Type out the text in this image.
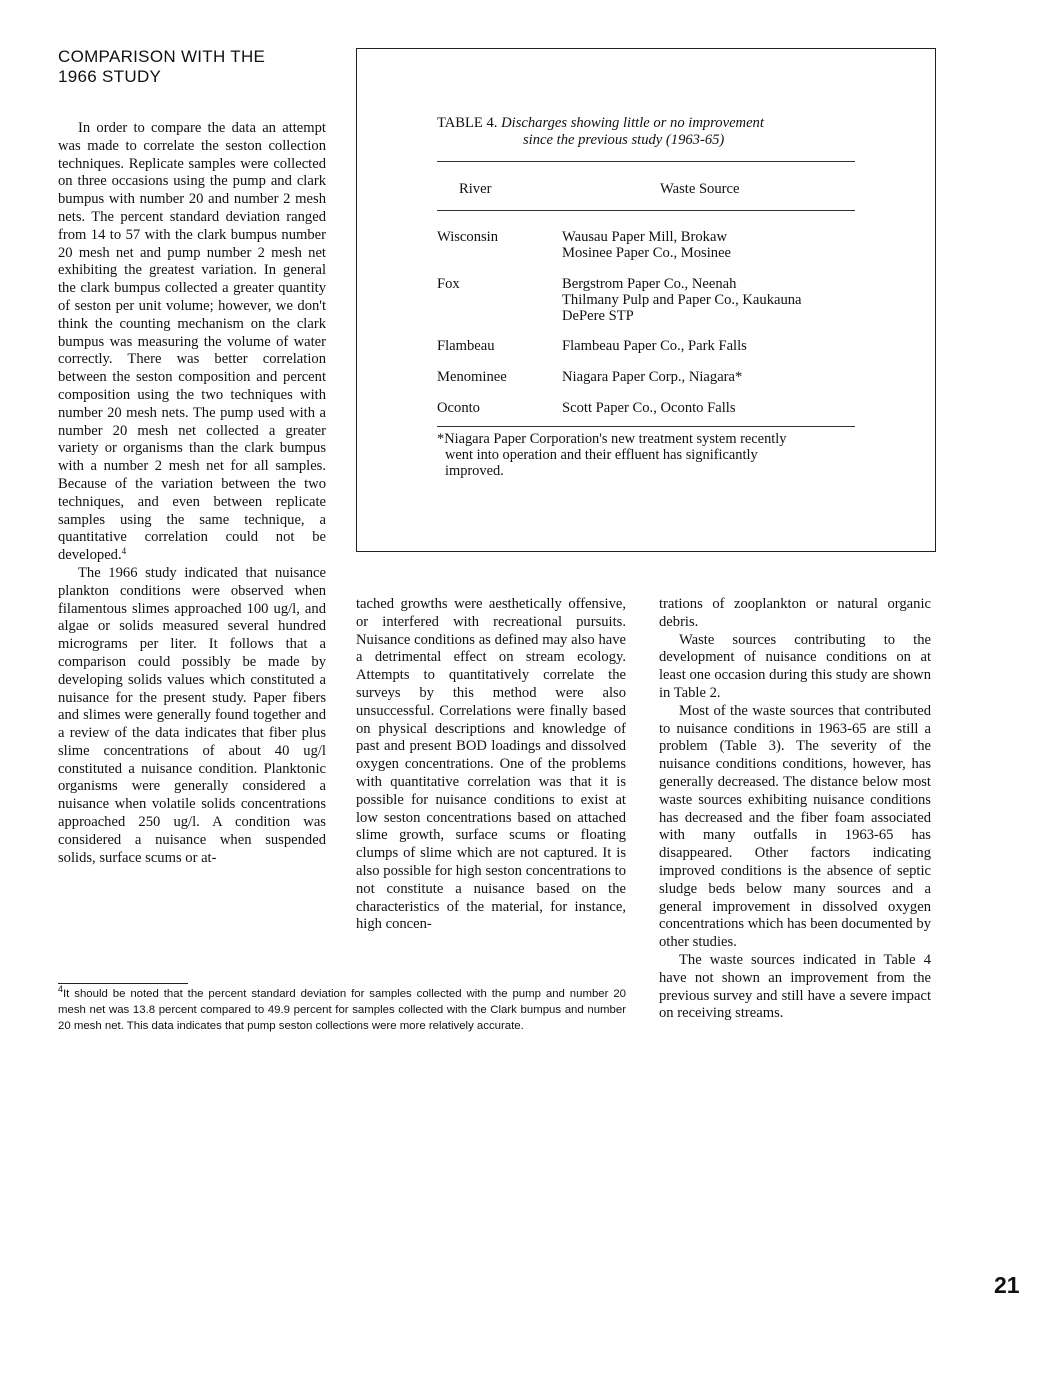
COMPARISON WITH THE
1966 STUDY

In order to compare the data an attempt was made to correlate the seston collection techniques. Replicate samples were collected on three occasions using the pump and clark bumpus with number 20 and number 2 mesh nets. The percent standard deviation ranged from 14 to 57 with the clark bumpus number 20 mesh net and pump number 2 mesh net exhibiting the greatest variation. In general the clark bumpus collected a greater quantity of seston per unit volume; however, we don't think the counting mechanism on the clark bumpus was measuring the volume of water correctly. There was better correlation between the seston composition and percent composition using the two techniques with number 20 mesh nets. The pump used with a number 20 mesh net collected a greater variety or organisms than the clark bumpus with a number 2 mesh net for all samples. Because of the variation between the two techniques, and even between replicate samples using the same technique, a quantitative correlation could not be developed.$^4$

The 1966 study indicated that nuisance plankton conditions were observed when filamentous slimes approached 100 ug/l, and algae or solids measured several hundred micrograms per liter. It follows that a comparison could possibly be made by developing solids values which constituted a nuisance for the present study. Paper fibers and slimes were generally found together and a review of the data indicates that fiber plus slime concentrations of about 40 ug/l constituted a nuisance condition. Planktonic organisms were generally considered a nuisance when volatile solids concentrations approached 250 ug/l. A condition was considered a nuisance when suspended solids, surface scums or at-

tached growths were aesthetically offensive, or interfered with recreational pursuits. Nuisance conditions as defined may also have a detrimental effect on stream ecology. Attempts to quantitatively correlate the surveys by this method were also unsuccessful. Correlations were finally based on physical descriptions and knowledge of past and present BOD loadings and dissolved oxygen concentrations. One of the problems with quantitative correlation was that it is possible for nuisance conditions to exist at low seston concentrations based on attached slime growth, surface scums or floating clumps of slime which are not captured. It is also possible for high seston concentrations to not constitute a nuisance based on the characteristics of the material, for instance, high concen-

trations of zooplankton or natural organic debris.

Waste sources contributing to the development of nuisance conditions on at least one occasion during this study are shown in Table 2.

Most of the waste sources that contributed to nuisance conditions in 1963-65 are still a problem (Table 3). The severity of the nuisance conditions conditions, however, has generally decreased. The distance below most waste sources exhibiting nuisance conditions has decreased and the fiber foam associated with many outfalls in 1963-65 has disappeared. Other factors indicating improved conditions is the absence of septic sludge beds below many sources and a general improvement in dissolved oxygen concentrations which has been documented by other studies.

The waste sources indicated in Table 4 have not shown an improvement from the previous survey and still have a severe impact on receiving streams.

TABLE 4. Discharges showing little or no improvement
since the previous study (1963-65)
River	Waste Source
Wisconsin	Wausau Paper Mill, Brokaw
Mosinee Paper Co., Mosinee
Fox	Bergstrom Paper Co., Neenah
Thilmany Pulp and Paper Co., Kaukauna
DePere STP
Flambeau	Flambeau Paper Co., Park Falls
Menominee	Niagara Paper Corp., Niagara*
Oconto	Scott Paper Co., Oconto Falls
*Niagara Paper Corporation's new treatment system recently
went into operation and their effluent has significantly
improved.
$^4$It should be noted that the percent standard deviation for samples collected with the pump and number 20 mesh net was 13.8 percent compared to 49.9 percent for samples collected with the Clark bumpus and number 20 mesh net. This data indicates that pump seston collections were more relatively accurate.
21
